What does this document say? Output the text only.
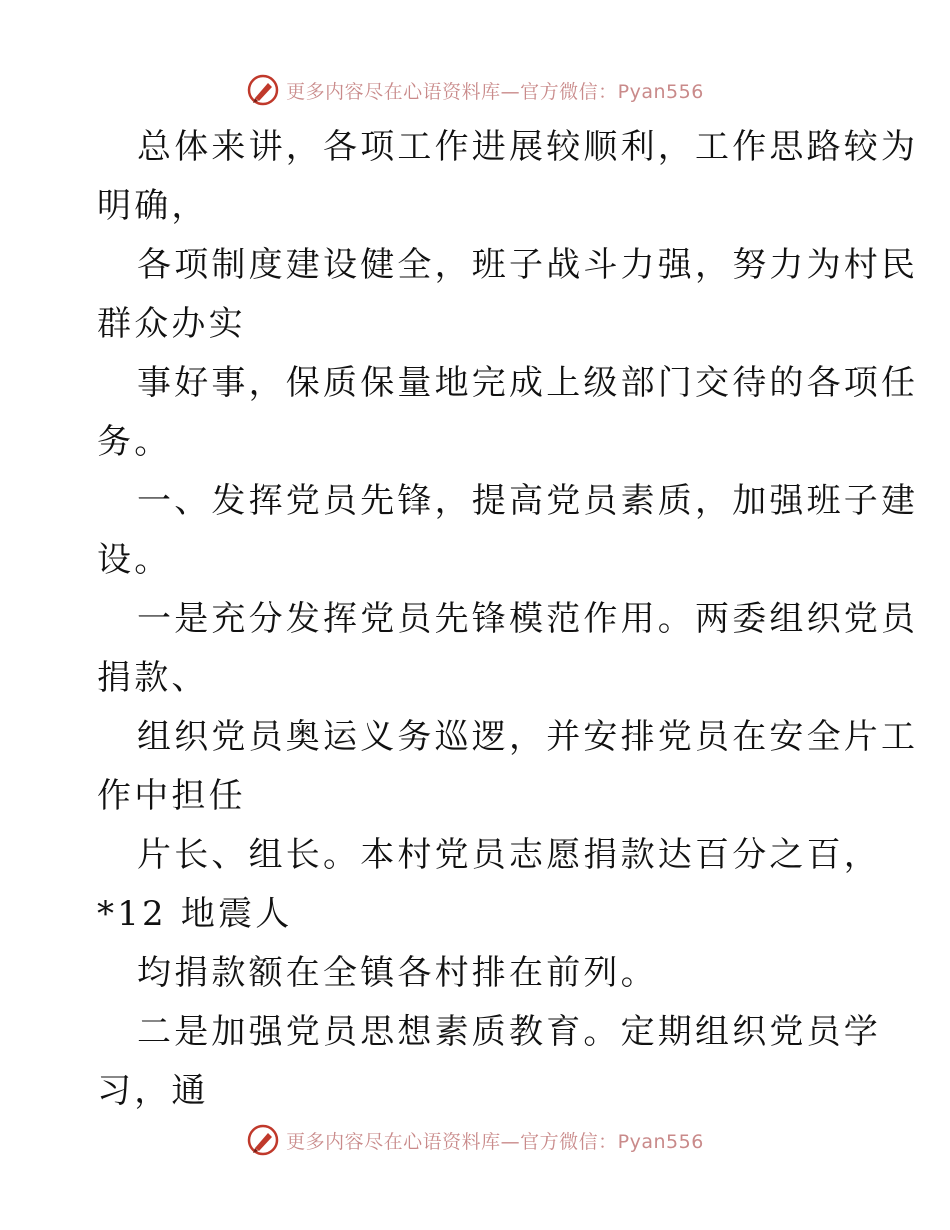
更多内容尽在心语资料库—官方微信：Pyan556
总体来讲，各项工作进展较顺利，工作思路较为
明确，
各项制度建设健全，班子战斗力强，努力为村民
群众办实
事好事，保质保量地完成上级部门交待的各项任
务。
一、发挥党员先锋，提高党员素质，加强班子建
设。
一是充分发挥党员先锋模范作用。两委组织党员
捐款、
组织党员奥运义务巡逻，并安排党员在安全片工
作中担任
片长、组长。本村党员志愿捐款达百分之百，
*12 地震人
均捐款额在全镇各村排在前列。
二是加强党员思想素质教育。定期组织党员学
习，通
更多内容尽在心语资料库—官方微信：Pyan556
